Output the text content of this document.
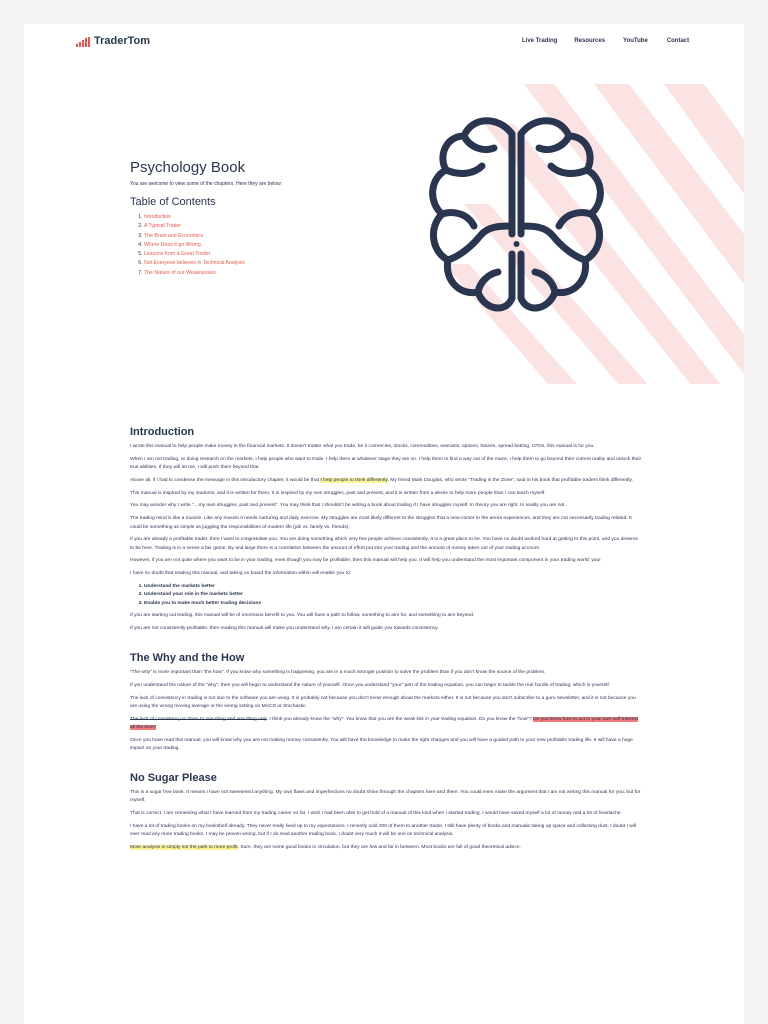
TraderTom	Live Trading	Resources	YouTube	Contact
Psychology Book

You are welcome to view some of the chapters. Here they are below:

Table of Contents
1. Introduction
2. A Typical Trader
3. The Brain and Economics
4. Where Does it go Wrong
5. Lessons from a Great Trader
6. Not Everyone believes in Technical Analysis
7. The Nature of our Weaknesses
Introduction

I wrote this manual to help people make money in the financial markets. It doesn’t matter what you trade, be it currencies, stocks, commodities, warrants, options, futures, spread betting, CFDs, this manual is for you.

When I am not trading, or doing research on the markets, I help people who want to trade. I help them at whatever stage they are on. I help them to find a way out of the maze, I help them to go beyond their current reality and unlock their true abilities. If they will let me, I will push them beyond that.

Above all, if I had to condense the message in this introductory chapter, it would be that I help people to think differently. My friend Mark Douglas, who wrote “Trading in the Zone”, said in his book that profitable traders think differently.

This manual is inspired by my students, and it is written for them. It is inspired by my own struggles, past and present, and it is written from a desire to help more people than I can teach myself.

You may wonder why I write “…my own struggles, past and present”. You may think that I shouldn’t be writing a book about trading if I have struggles myself. In theory you are right. In reality you are not.

The trading mind is like a muscle. Like any muscle it needs nurturing and daily exercise. My struggles are most likely different to the struggles that a new-comer to the arena experiences, and they are not necessarily trading related. It could be something as simple as juggling the responsibilities of modern life (job vs. family vs. friends).

If you are already a profitable trader, then I want to congratulate you. You are doing something which very few people achieve consistently. It is a great place to be. You have no doubt worked hard at getting to this point, and you deserve to be here. Trading is in a sense a fair game. By and large there is a correlation between the amount of effort put into your trading and the amount of money taken out of your trading account.

However, if you are not quite where you want to be in your trading, even though you may be profitable, then this manual will help you. It will help you understand the most important component in your trading world: you!

I have no doubt that reading this manual, and taking on board the information within will enable you to:

1. Understand the markets better
2. Understand your role in the markets better
3. Enable you to make much better trading decisions

If you are starting out trading, this manual will be of enormous benefit to you. You will have a path to follow, something to aim for, and something to aim beyond.

If you are not consistently profitable, then reading this manual will make you understand why. I am certain it will guide you towards consistency.

The Why and the How

“The why” is more important than “the how”. If you know why something is happening, you are in a much stronger position to solve the problem than if you don’t know the source of the problem.

If you understand the nature of the “why”, then you will begin to understand the nature of yourself. Once you understand “your” part of the trading equation, you can begin to tackle the real hurdle of trading, which is yourself.

The lack of consistency in trading is not due to the software you are using. It is probably not because you don’t know enough about the markets either. It is not because you don’t subscribe to a guru newsletter, and it is not because you are using the wrong moving average or the wrong setting on MACD or Stochastic.

The lack of consistency is down to one thing and one thing only. I think you already know the “why”. You know that you are the weak link in your trading equation. Do you know the “how”? Do you know how to act in your own self-interest all the time?

Once you have read this manual, you will know why you are not making money consistently. You will have the knowledge to make the right changes and you will have a guided path to your new profitable trading life. It will have a huge impact on your trading.

No Sugar Please

This is a sugar free book. It means I have not sweetened anything. My own flaws and imperfections no doubt shine through the chapters here and there. You could even make the argument that I am not writing this manual for you, but for myself.

That is correct. I am cementing what I have learned from my trading career so far. I wish I had been able to get hold of a manual of this kind when I started trading. I would have saved myself a lot of money and a lot of heartache.

I have a lot of trading books on my bookshelf already. They never really lived up to my expectations. I recently sold 200 of them to another trader. I still have plenty of books and manuals taking up space and collecting dust. I doubt I will ever read any more trading books. I may be proven wrong, but if I do read another trading book, I doubt very much it will be one on technical analysis.

More analysis is simply not the path to more profit. Sure, they are some good books in circulation, but they are few and far in between. Most books are full of good theoretical advice.
